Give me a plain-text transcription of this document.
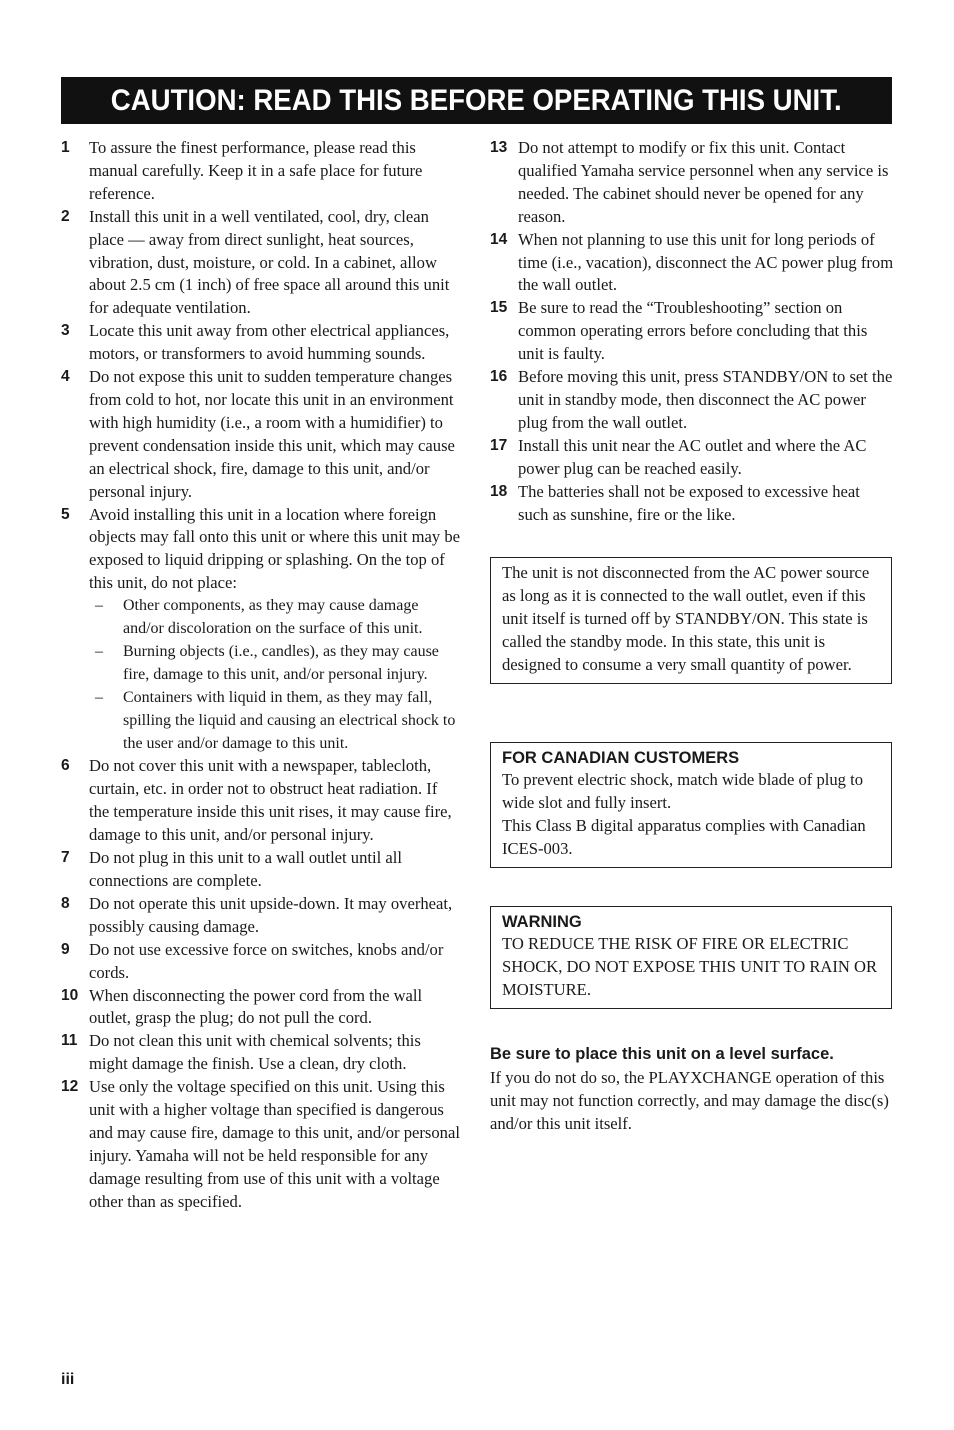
CAUTION: READ THIS BEFORE OPERATING THIS UNIT.
1 To assure the finest performance, please read this manual carefully. Keep it in a safe place for future reference.
2 Install this unit in a well ventilated, cool, dry, clean place — away from direct sunlight, heat sources, vibration, dust, moisture, or cold. In a cabinet, allow about 2.5 cm (1 inch) of free space all around this unit for adequate ventilation.
3 Locate this unit away from other electrical appliances, motors, or transformers to avoid humming sounds.
4 Do not expose this unit to sudden temperature changes from cold to hot, nor locate this unit in an environment with high humidity (i.e., a room with a humidifier) to prevent condensation inside this unit, which may cause an electrical shock, fire, damage to this unit, and/or personal injury.
5 Avoid installing this unit in a location where foreign objects may fall onto this unit or where this unit may be exposed to liquid dripping or splashing. On the top of this unit, do not place:
– Other components, as they may cause damage and/or discoloration on the surface of this unit.
– Burning objects (i.e., candles), as they may cause fire, damage to this unit, and/or personal injury.
– Containers with liquid in them, as they may fall, spilling the liquid and causing an electrical shock to the user and/or damage to this unit.
6 Do not cover this unit with a newspaper, tablecloth, curtain, etc. in order not to obstruct heat radiation. If the temperature inside this unit rises, it may cause fire, damage to this unit, and/or personal injury.
7 Do not plug in this unit to a wall outlet until all connections are complete.
8 Do not operate this unit upside-down. It may overheat, possibly causing damage.
9 Do not use excessive force on switches, knobs and/or cords.
10 When disconnecting the power cord from the wall outlet, grasp the plug; do not pull the cord.
11 Do not clean this unit with chemical solvents; this might damage the finish. Use a clean, dry cloth.
12 Use only the voltage specified on this unit. Using this unit with a higher voltage than specified is dangerous and may cause fire, damage to this unit, and/or personal injury. Yamaha will not be held responsible for any damage resulting from use of this unit with a voltage other than as specified.
13 Do not attempt to modify or fix this unit. Contact qualified Yamaha service personnel when any service is needed. The cabinet should never be opened for any reason.
14 When not planning to use this unit for long periods of time (i.e., vacation), disconnect the AC power plug from the wall outlet.
15 Be sure to read the “Troubleshooting” section on common operating errors before concluding that this unit is faulty.
16 Before moving this unit, press STANDBY/ON to set the unit in standby mode, then disconnect the AC power plug from the wall outlet.
17 Install this unit near the AC outlet and where the AC power plug can be reached easily.
18 The batteries shall not be exposed to excessive heat such as sunshine, fire or the like.
The unit is not disconnected from the AC power source as long as it is connected to the wall outlet, even if this unit itself is turned off by STANDBY/ON. This state is called the standby mode. In this state, this unit is designed to consume a very small quantity of power.
FOR CANADIAN CUSTOMERS
To prevent electric shock, match wide blade of plug to wide slot and fully insert.
This Class B digital apparatus complies with Canadian ICES-003.
WARNING
TO REDUCE THE RISK OF FIRE OR ELECTRIC SHOCK, DO NOT EXPOSE THIS UNIT TO RAIN OR MOISTURE.
Be sure to place this unit on a level surface.
If you do not do so, the PLAYXCHANGE operation of this unit may not function correctly, and may damage the disc(s) and/or this unit itself.
iii
